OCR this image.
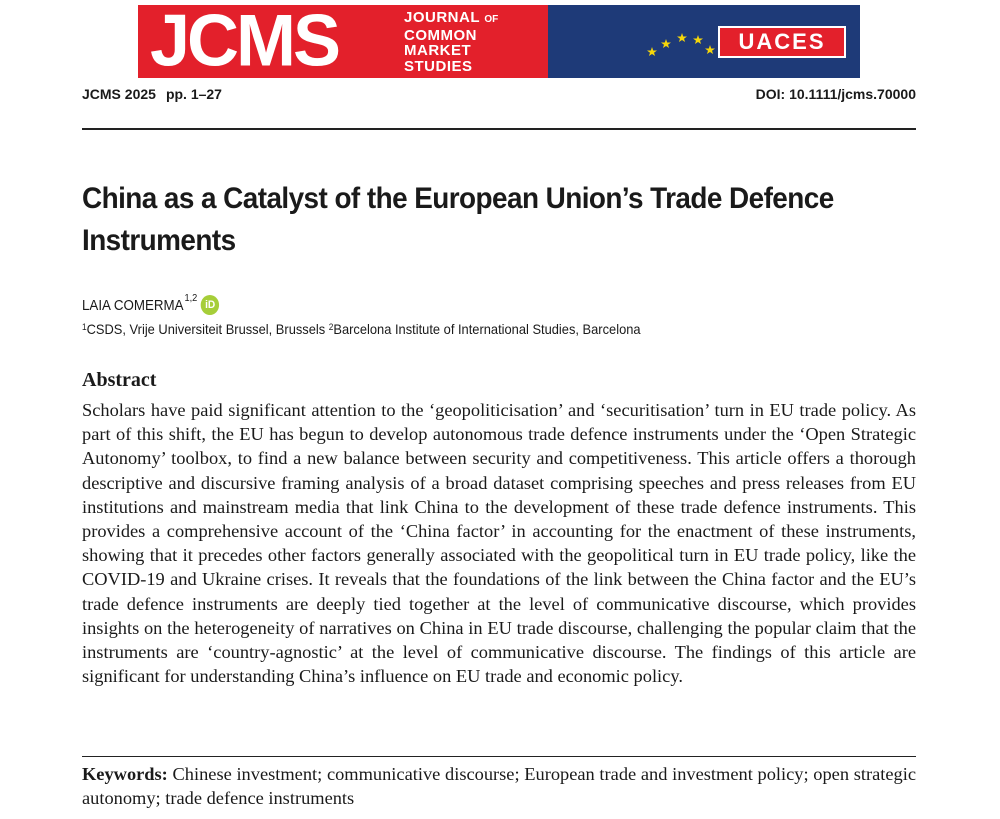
JCMS	JOURNAL OF
COMMON
MARKET
STUDIES
UACES
JCMS 2025 pp. 1–27	DOI: 10.1111/jcms.70000
China as a Catalyst of the European Union’s Trade Defence Instruments
LAIA COMERMA$^{1,2}$
iD
$^1$CSDS, Vrije Universiteit Brussel, Brussels $^2$Barcelona Institute of International Studies, Barcelona
Abstract
Scholars have paid significant attention to the ‘geopoliticisation’ and ‘securitisation’ turn in EU trade policy. As part of this shift, the EU has begun to develop autonomous trade defence instruments under the ‘Open Strategic Autonomy’ toolbox, to find a new balance between security and competitiveness. This article offers a thorough descriptive and discursive framing analysis of a broad dataset comprising speeches and press releases from EU institutions and mainstream media that link China to the development of these trade defence instruments. This provides a comprehensive account of the ‘China factor’ in accounting for the enactment of these instruments, showing that it precedes other factors generally associated with the geopolitical turn in EU trade policy, like the COVID-19 and Ukraine crises. It reveals that the foundations of the link between the China factor and the EU’s trade defence instruments are deeply tied together at the level of communicative discourse, which provides insights on the heterogeneity of narratives on China in EU trade discourse, challenging the popular claim that the instruments are ‘country-agnostic’ at the level of communicative discourse. The findings of this article are significant for understanding China’s influence on EU trade and economic policy.
Keywords: Chinese investment; communicative discourse; European trade and investment policy; open strategic autonomy; trade defence instruments
